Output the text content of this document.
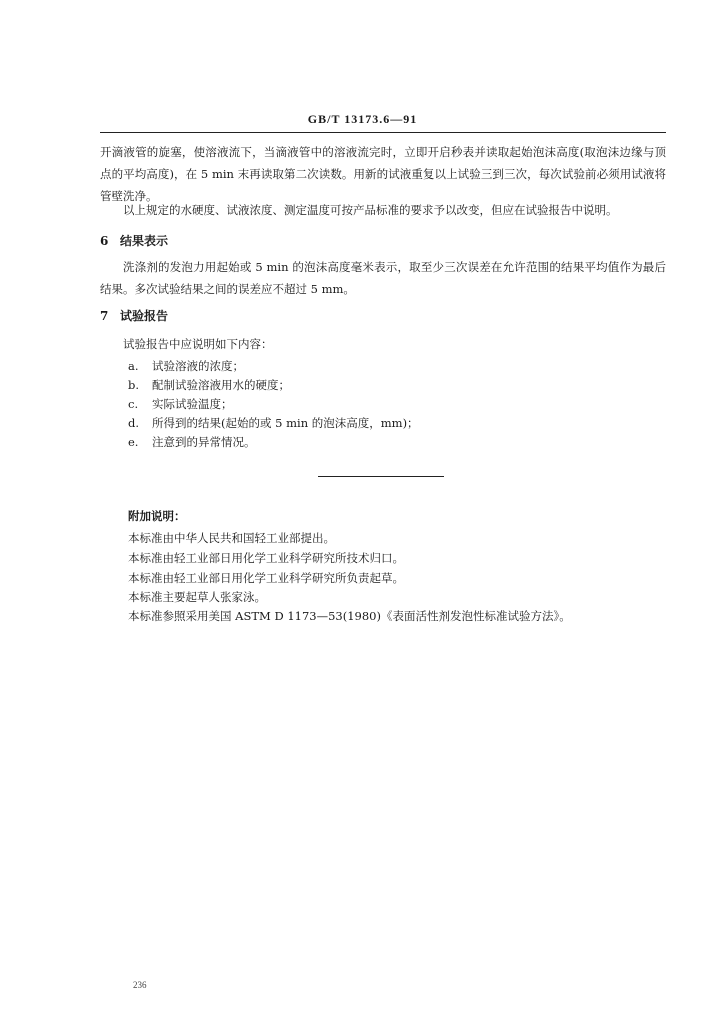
GB/T 13173.6—91

开滴液管的旋塞，使溶液流下，当滴液管中的溶液流完时，立即开启秒表并读取起始泡沫高度(取泡沫边缘与顶点的平均高度)，在 5 min 末再读取第二次读数。用新的试液重复以上试验三到三次，每次试验前必须用试液将管壁洗净。

以上规定的水硬度、试液浓度、测定温度可按产品标准的要求予以改变，但应在试验报告中说明。

6 结果表示

洗涤剂的发泡力用起始或 5 min 的泡沫高度毫米表示，取至少三次误差在允许范围的结果平均值作为最后结果。多次试验结果之间的误差应不超过 5 mm。

7 试验报告
试验报告中应说明如下内容：
a. 试验溶液的浓度；
b. 配制试验溶液用水的硬度；
c. 实际试验温度；
d. 所得到的结果(起始的或 5 min 的泡沫高度，mm)；
e. 注意到的异常情况。
附加说明：
本标准由中华人民共和国轻工业部提出。
本标准由轻工业部日用化学工业科学研究所技术归口。
本标准由轻工业部日用化学工业科学研究所负责起草。
本标准主要起草人张家泳。
本标准参照采用美国 ASTM D 1173—53(1980)《表面活性剂发泡性标准试验方法》。
236
